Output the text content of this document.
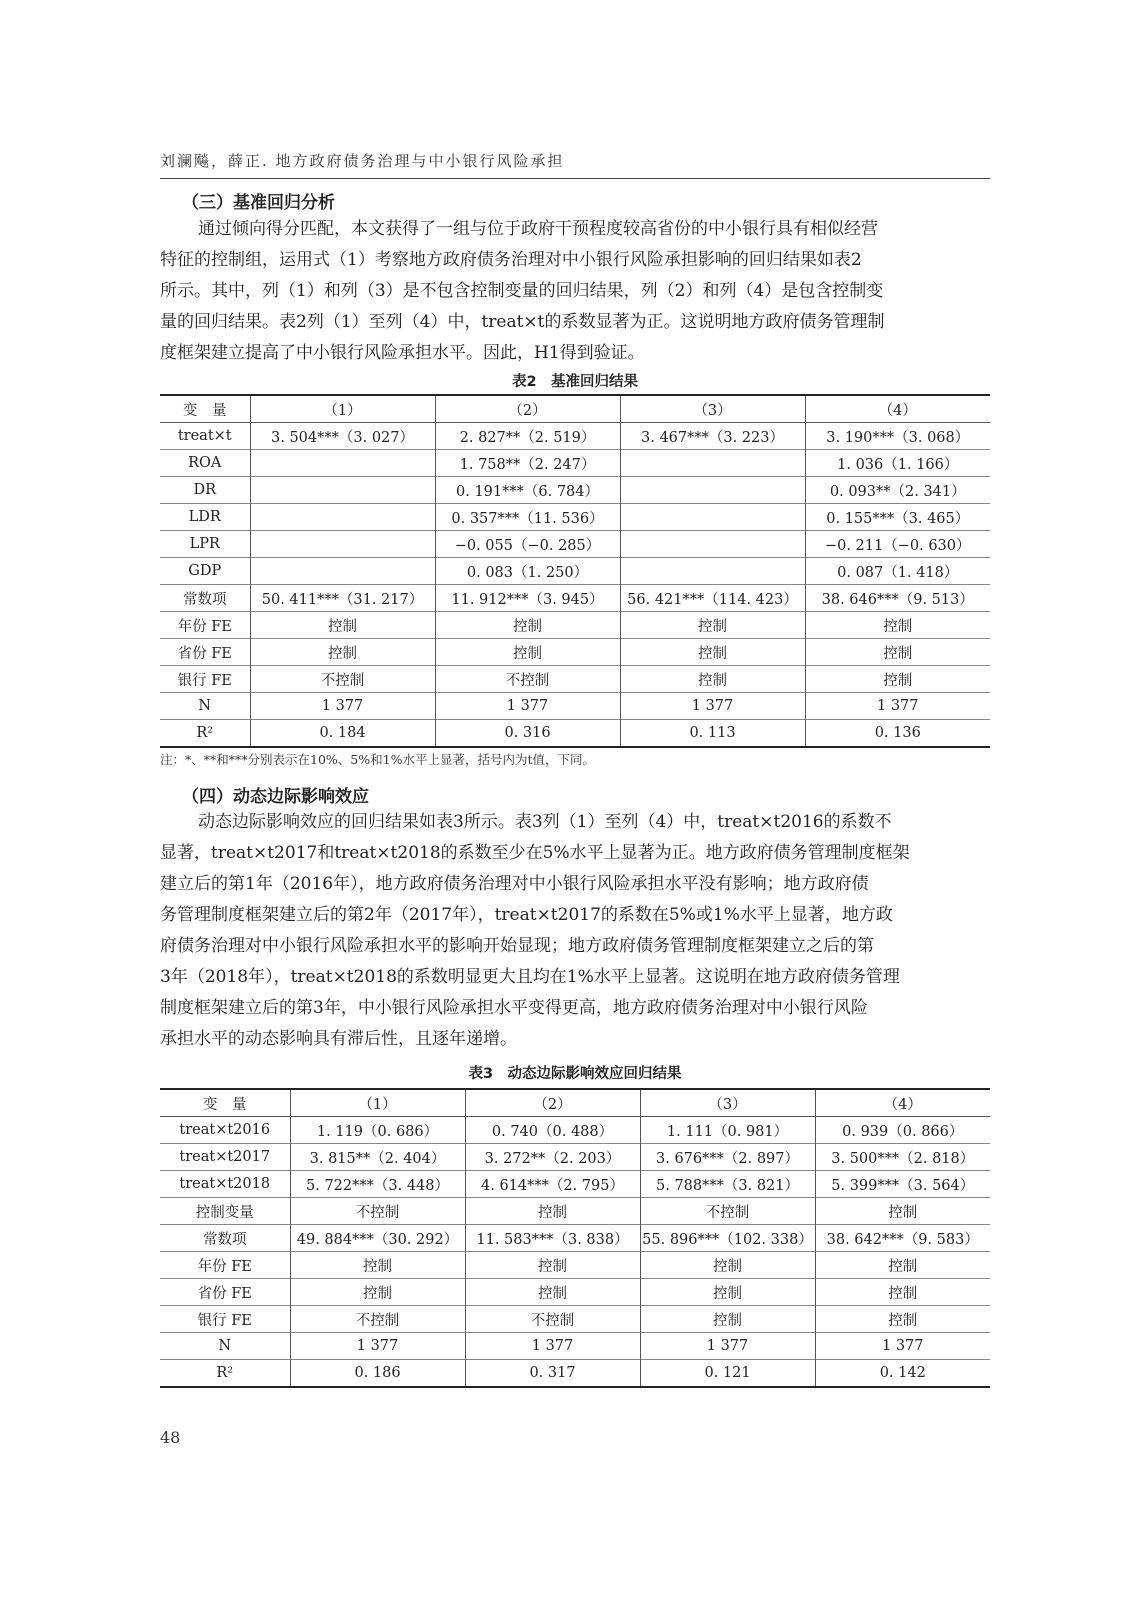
刘澜飚，薛正. 地方政府债务治理与中小银行风险承担
（三）基准回归分析
通过倾向得分匹配，本文获得了一组与位于政府干预程度较高省份的中小银行具有相似经营
特征的控制组，运用式（1）考察地方政府债务治理对中小银行风险承担影响的回归结果如表2
所示。其中，列（1）和列（3）是不包含控制变量的回归结果，列（2）和列（4）是包含控制变
量的回归结果。表2列（1）至列（4）中，treat×t的系数显著为正。这说明地方政府债务管理制
度框架建立提高了中小银行风险承担水平。因此，H1得到验证。
表2　基准回归结果
变　量	（1）	（2）	（3）	（4）
treat×t	3. 504***（3. 027）	2. 827**（2. 519）	3. 467***（3. 223）	3. 190***（3. 068）
ROA		1. 758**（2. 247）		1. 036（1. 166）
DR		0. 191***（6. 784）		0. 093**（2. 341）
LDR		0. 357***（11. 536）		0. 155***（3. 465）
LPR		−0. 055（−0. 285）		−0. 211（−0. 630）
GDP		0. 083（1. 250）		0. 087（1. 418）
常数项	50. 411***（31. 217）	11. 912***（3. 945）	56. 421***（114. 423）	38. 646***（9. 513）
年份 FE	控制	控制	控制	控制
省份 FE	控制	控制	控制	控制
银行 FE	不控制	不控制	控制	控制
N	1 377	1 377	1 377	1 377
R²	0. 184	0. 316	0. 113	0. 136
注：*、**和***分别表示在10%、5%和1%水平上显著，括号内为t值，下同。
（四）动态边际影响效应
动态边际影响效应的回归结果如表3所示。表3列（1）至列（4）中，treat×t2016的系数不
显著，treat×t2017和treat×t2018的系数至少在5%水平上显著为正。地方政府债务管理制度框架
建立后的第1年（2016年），地方政府债务治理对中小银行风险承担水平没有影响；地方政府债
务管理制度框架建立后的第2年（2017年），treat×t2017的系数在5%或1%水平上显著，地方政
府债务治理对中小银行风险承担水平的影响开始显现；地方政府债务管理制度框架建立之后的第
3年（2018年），treat×t2018的系数明显更大且均在1%水平上显著。这说明在地方政府债务管理
制度框架建立后的第3年，中小银行风险承担水平变得更高，地方政府债务治理对中小银行风险
承担水平的动态影响具有滞后性，且逐年递增。
表3　动态边际影响效应回归结果
变　量	（1）	（2）	（3）	（4）
treat×t2016	1. 119（0. 686）	0. 740（0. 488）	1. 111（0. 981）	0. 939（0. 866）
treat×t2017	3. 815**（2. 404）	3. 272**（2. 203）	3. 676***（2. 897）	3. 500***（2. 818）
treat×t2018	5. 722***（3. 448）	4. 614***（2. 795）	5. 788***（3. 821）	5. 399***（3. 564）
控制变量	不控制	控制	不控制	控制
常数项	49. 884***（30. 292）	11. 583***（3. 838）	55. 896***（102. 338）	38. 642***（9. 583）
年份 FE	控制	控制	控制	控制
省份 FE	控制	控制	控制	控制
银行 FE	不控制	不控制	控制	控制
N	1 377	1 377	1 377	1 377
R²	0. 186	0. 317	0. 121	0. 142
48
